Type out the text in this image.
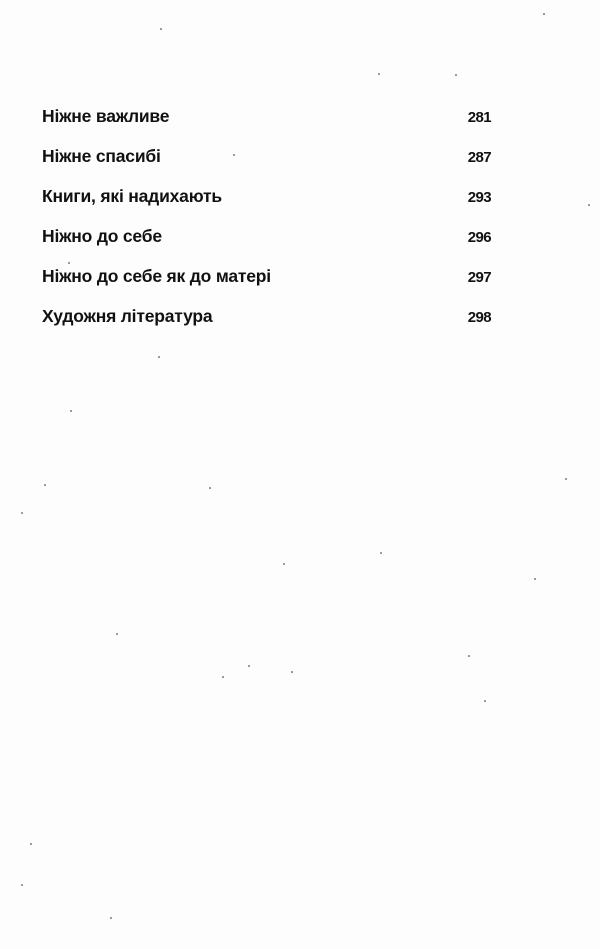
Ніжне важливе	281
Ніжне спасибі	287
Книги, які надихають	293
Ніжно до себе	296
Ніжно до себе як до матері	297
Художня література	298
